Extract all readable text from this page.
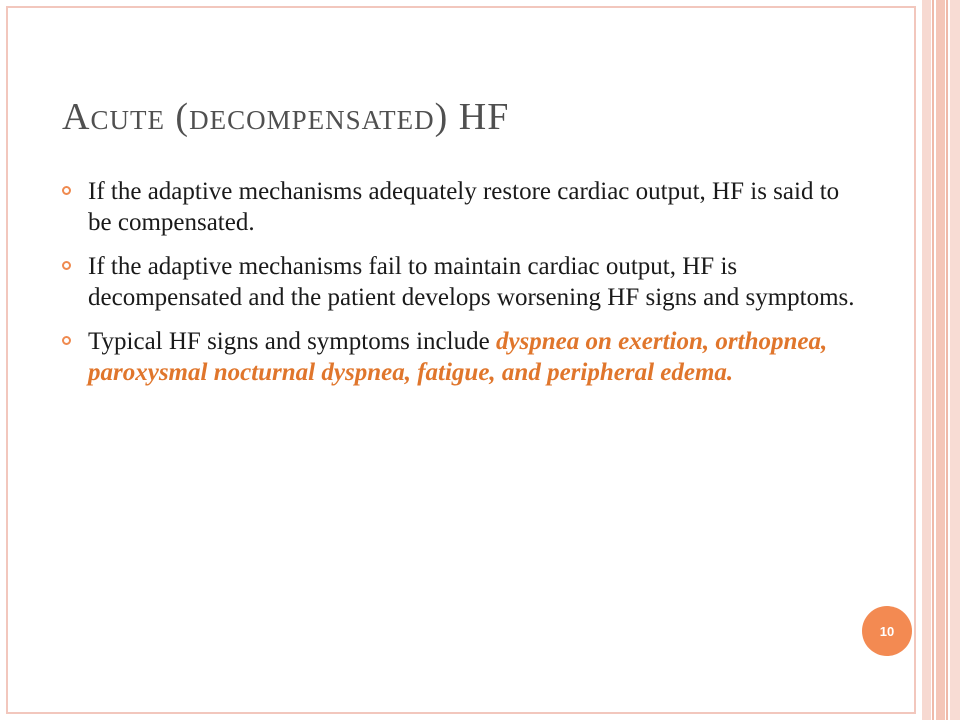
Acute (decompensated) HF
If the adaptive mechanisms adequately restore cardiac output, HF is said to be compensated.
If the adaptive mechanisms fail to maintain cardiac output, HF is decompensated and the patient develops worsening HF signs and symptoms.
Typical HF signs and symptoms include dyspnea on exertion, orthopnea, paroxysmal nocturnal dyspnea, fatigue, and peripheral edema.
10
